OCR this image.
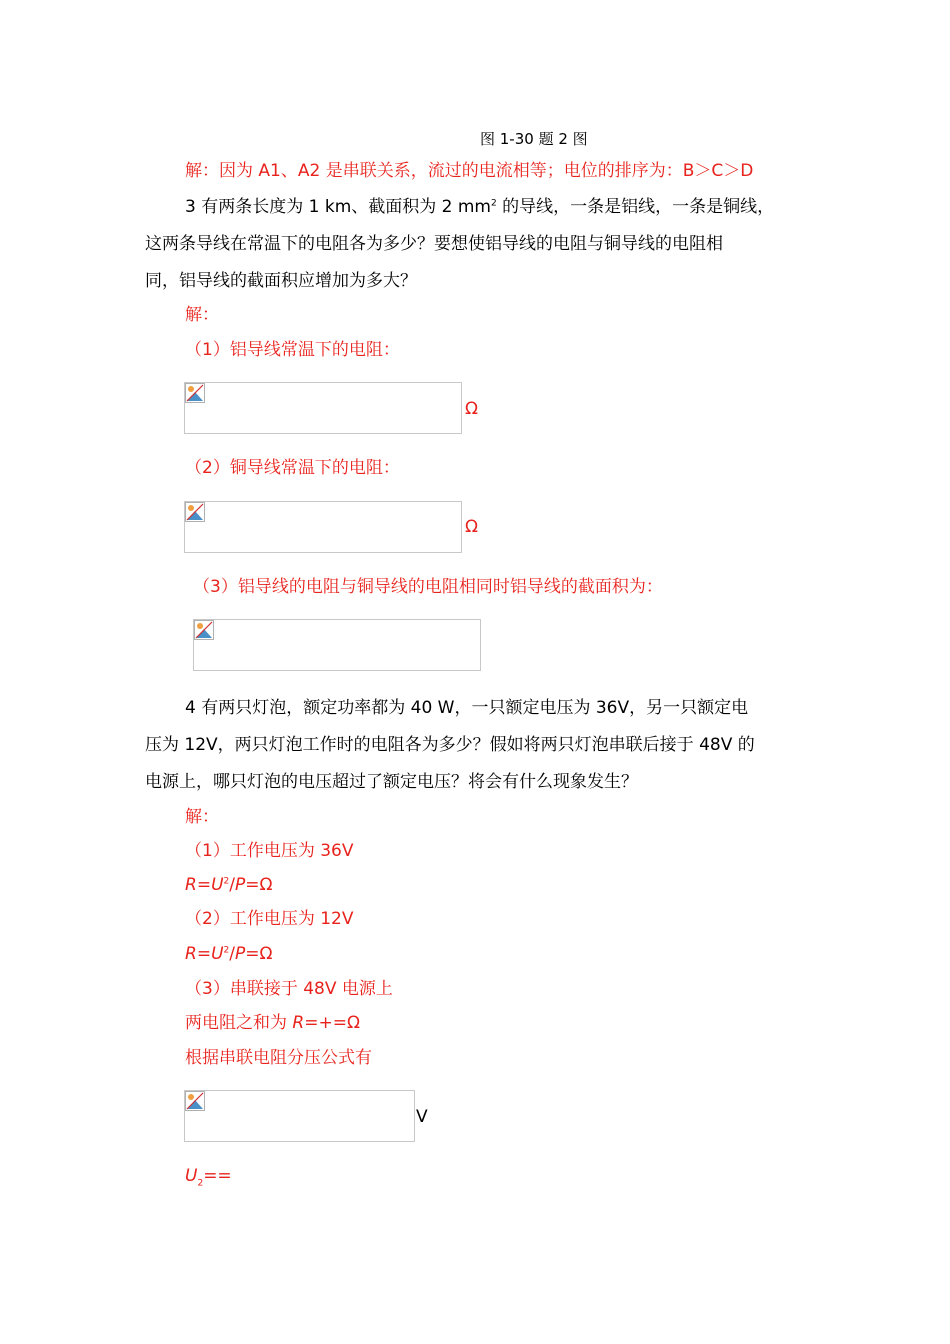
图 1-30 题 2 图
解：因为 A1、A2 是串联关系，流过的电流相等；电位的排序为：B＞C＞D
3 有两条长度为 1 km、截面积为 2 $mm^2$ 的导线，一条是铝线，一条是铜线，
这两条导线在常温下的电阻各为多少？要想使铝导线的电阻与铜导线的电阻相
同，铝导线的截面积应增加为多大？
解：
（1）铝导线常温下的电阻：
Ω
（2）铜导线常温下的电阻：
Ω
（3）铝导线的电阻与铜导线的电阻相同时铝导线的截面积为：
4 有两只灯泡，额定功率都为 40 W，一只额定电压为 36V，另一只额定电
压为 12V，两只灯泡工作时的电阻各为多少？假如将两只灯泡串联后接于 48V 的
电源上，哪只灯泡的电压超过了额定电压？将会有什么现象发生？
解：
（1）工作电压为 36V
$R=U^2/P=\Omega$
（2）工作电压为 12V
$R=U^2/P=\Omega$
（3）串联接于 48V 电源上
两电阻之和为 R=+=Ω
根据串联电阻分压公式有
V
$U_2==$
